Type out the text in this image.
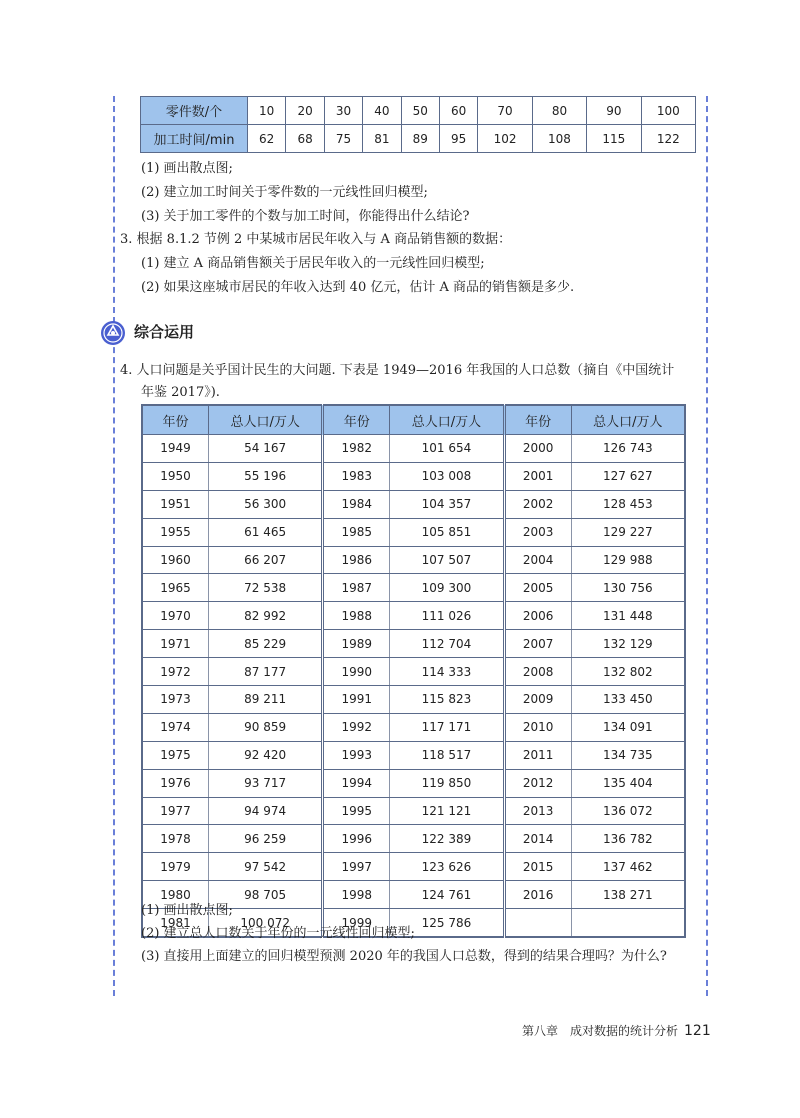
零件数/个	10	20	30	40	50	60	70	80	90	100
加工时间/min	62	68	75	81	89	95	102	108	115	122
(1) 画出散点图;
(2) 建立加工时间关于零件数的一元线性回归模型;
(3) 关于加工零件的个数与加工时间，你能得出什么结论?
3. 根据 8.1.2 节例 2 中某城市居民年收入与 A 商品销售额的数据：
(1) 建立 A 商品销售额关于居民年收入的一元线性回归模型;
(2) 如果这座城市居民的年收入达到 40 亿元，估计 A 商品的销售额是多少.
综合运用
4. 人口问题是关乎国计民生的大问题. 下表是 1949—2016 年我国的人口总数（摘自《中国统计
年鉴 2017》).
年份	总人口/万人	年份	总人口/万人	年份	总人口/万人
1949	54 167	1982	101 654	2000	126 743
1950	55 196	1983	103 008	2001	127 627
1951	56 300	1984	104 357	2002	128 453
1955	61 465	1985	105 851	2003	129 227
1960	66 207	1986	107 507	2004	129 988
1965	72 538	1987	109 300	2005	130 756
1970	82 992	1988	111 026	2006	131 448
1971	85 229	1989	112 704	2007	132 129
1972	87 177	1990	114 333	2008	132 802
1973	89 211	1991	115 823	2009	133 450
1974	90 859	1992	117 171	2010	134 091
1975	92 420	1993	118 517	2011	134 735
1976	93 717	1994	119 850	2012	135 404
1977	94 974	1995	121 121	2013	136 072
1978	96 259	1996	122 389	2014	136 782
1979	97 542	1997	123 626	2015	137 462
1980	98 705	1998	124 761	2016	138 271
1981	100 072	1999	125 786		
(1) 画出散点图;
(2) 建立总人口数关于年份的一元线性回归模型;
(3) 直接用上面建立的回归模型预测 2020 年的我国人口总数，得到的结果合理吗？为什么?
第八章　成对数据的统计分析 121
